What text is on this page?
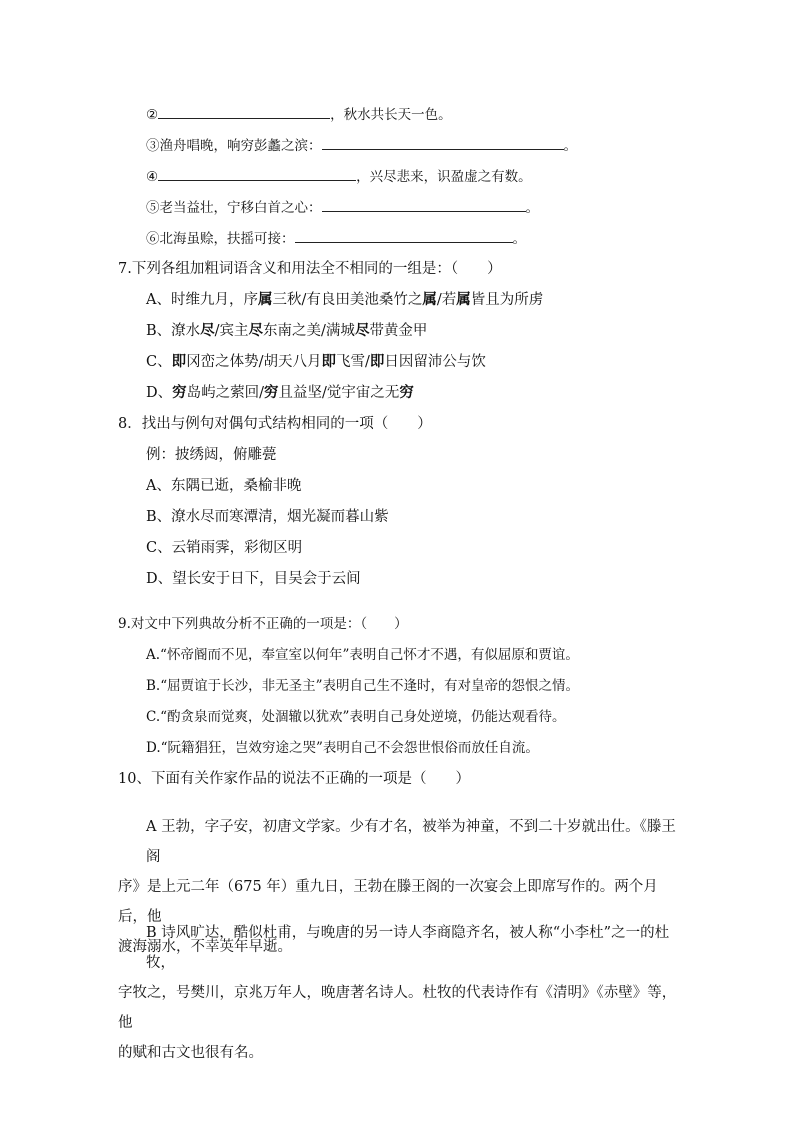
②	，秋水共长天一色。
③渔舟唱晚，响穷彭蠡之滨：	。
④	，兴尽悲来，识盈虚之有数。
⑤老当益壮，宁移白首之心：	。
⑥北海虽赊，扶摇可接：	。
7.下列各组加粗词语含义和用法全不相同的一组是：（　　）
A、时维九月，序属三秋/有良田美池桑竹之属/若属皆且为所虏
B、潦水尽/宾主尽东南之美/满城尽带黄金甲
C、即冈峦之体势/胡天八月即飞雪/即日因留沛公与饮
D、穷岛屿之萦回/穷且益坚/觉宇宙之无穷
8．找出与例句对偶句式结构相同的一项（　　）
例：披绣闼，俯雕甍
A、东隅已逝，桑榆非晚
B、潦水尽而寒潭清，烟光凝而暮山紫
C、云销雨霁，彩彻区明
D、望长安于日下，目吴会于云间
9.对文中下列典故分析不正确的一项是：（　　）
A.“怀帝阍而不见，奉宣室以何年”表明自己怀才不遇，有似屈原和贾谊。
B.“屈贾谊于长沙，非无圣主”表明自己生不逢时，有对皇帝的怨恨之情。
C.“酌贪泉而觉爽，处涸辙以犹欢”表明自己身处逆境，仍能达观看待。
D.“阮籍猖狂，岂效穷途之哭”表明自己不会怨世恨俗而放任自流。
10、下面有关作家作品的说法不正确的一项是（　　）
A 王勃，字子安，初唐文学家。少有才名，被举为神童，不到二十岁就出仕。《滕王阁
序》是上元二年（675 年）重九日，王勃在滕王阁的一次宴会上即席写作的。两个月后，他
渡海溺水，不幸英年早逝。
B 诗风旷达，酷似杜甫，与晚唐的另一诗人李商隐齐名，被人称“小李杜”之一的杜牧，
字牧之，号樊川，京兆万年人，晚唐著名诗人。杜牧的代表诗作有《清明》《赤壁》等，他
的赋和古文也很有名。
